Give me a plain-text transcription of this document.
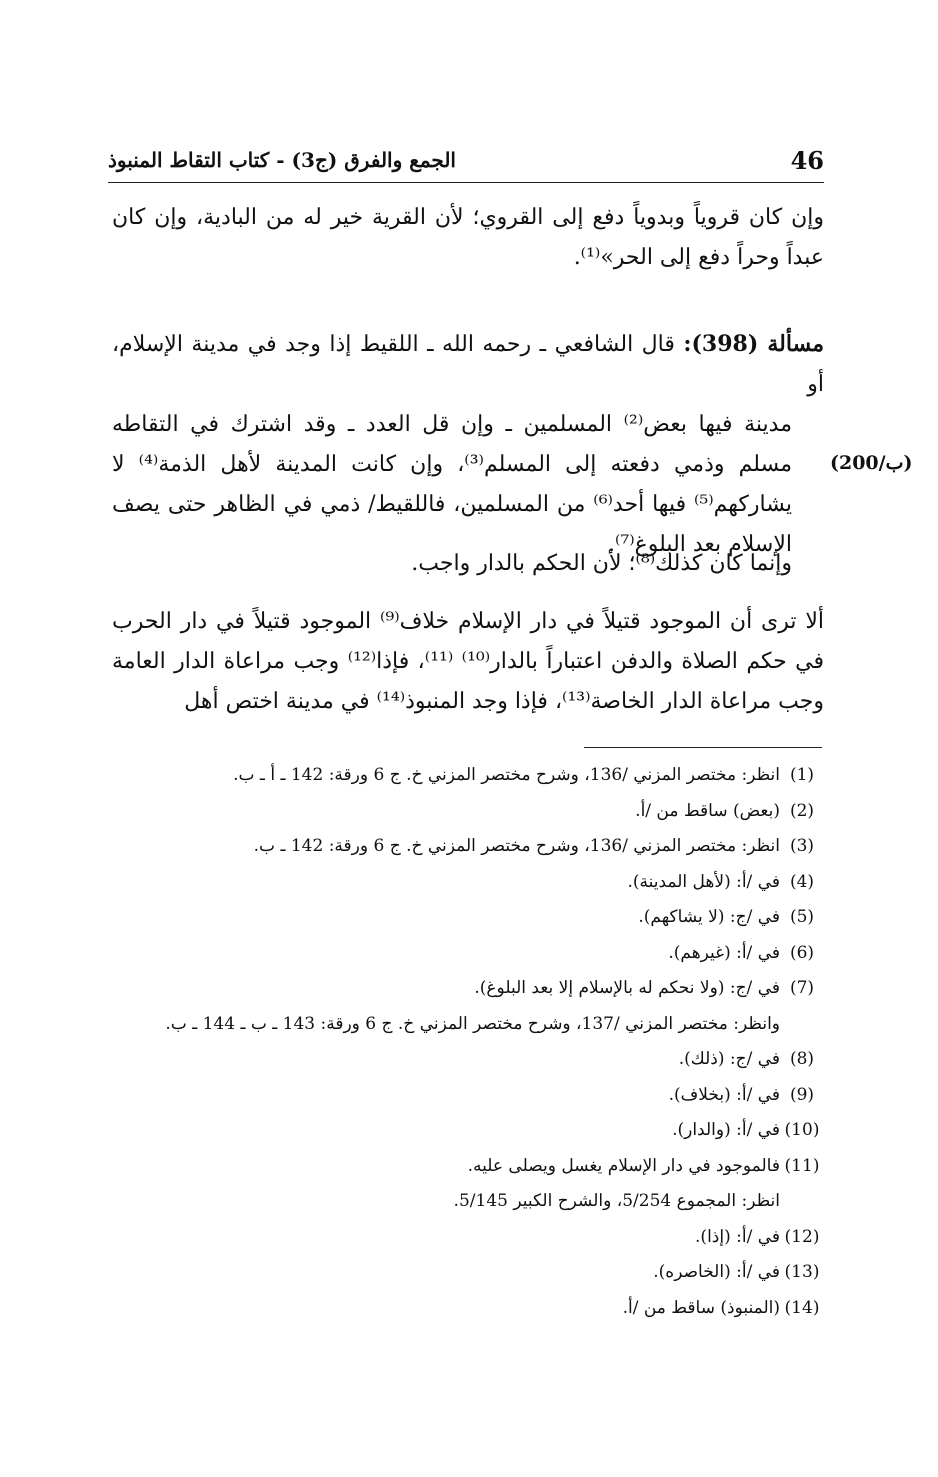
46
الجمع والفرق (ج3) - كتاب التقاط المنبوذ

وإن كان قروياً وبدوياً دفع إلى القروي؛ لأن القرية خير له من البادية، وإن كان عبداً وحراً دفع إلى الحر»⁽¹⁾.

مسألة (398): قال الشافعي ـ رحمه الله ـ اللقيط إذا وجد في مدينة الإسلام، أو
مدينة فيها بعض⁽²⁾ المسلمين ـ وإن قل العدد ـ وقد اشترك في التقاطه مسلم وذمي دفعته إلى المسلم⁽³⁾، وإن كانت المدينة لأهل الذمة⁽⁴⁾ لا يشاركهم⁽⁵⁾ فيها أحد⁽⁶⁾ من المسلمين، فاللقيط/ ذمي في الظاهر حتى يصف الإسلام بعد البلوغ⁽⁷⁾.

(200/ب)

وإنما كان كذلك⁽⁸⁾؛ لأن الحكم بالدار واجب.

ألا ترى أن الموجود قتيلاً في دار الإسلام خلاف⁽⁹⁾ الموجود قتيلاً في دار الحرب في حكم الصلاة والدفن اعتباراً بالدار⁽¹⁰⁾ ⁽¹¹⁾، فإذا⁽¹²⁾ وجب مراعاة الدار العامة وجب مراعاة الدار الخاصة⁽¹³⁾، فإذا وجد المنبوذ⁽¹⁴⁾ في مدينة اختص أهل

(1)
انظر: مختصر المزني /136، وشرح مختصر المزني خ. ج 6 ورقة: 142 ـ أ ـ ب.
(2)
(بعض) ساقط من /أ.
(3)
انظر: مختصر المزني /136، وشرح مختصر المزني خ. ج 6 ورقة: 142 ـ ب.
(4)
في /أ: (لأهل المدينة).
(5)
في /ج: (لا يشاكهم).
(6)
في /أ: (غيرهم).
(7)
في /ج: (ولا نحكم له بالإسلام إلا بعد البلوغ).
وانظر: مختصر المزني /137، وشرح مختصر المزني خ. ج 6 ورقة: 143 ـ ب ـ 144 ـ ب.
(8)
في /ج: (ذلك).
(9)
في /أ: (بخلاف).
(10)
في /أ: (والدار).
(11)
فالموجود في دار الإسلام يغسل ويصلى عليه.
انظر: المجموع 5/254، والشرح الكبير 5/145.
(12)
في /أ: (إذا).
(13)
في /أ: (الخاصره).
(14)
(المنبوذ) ساقط من /أ.
